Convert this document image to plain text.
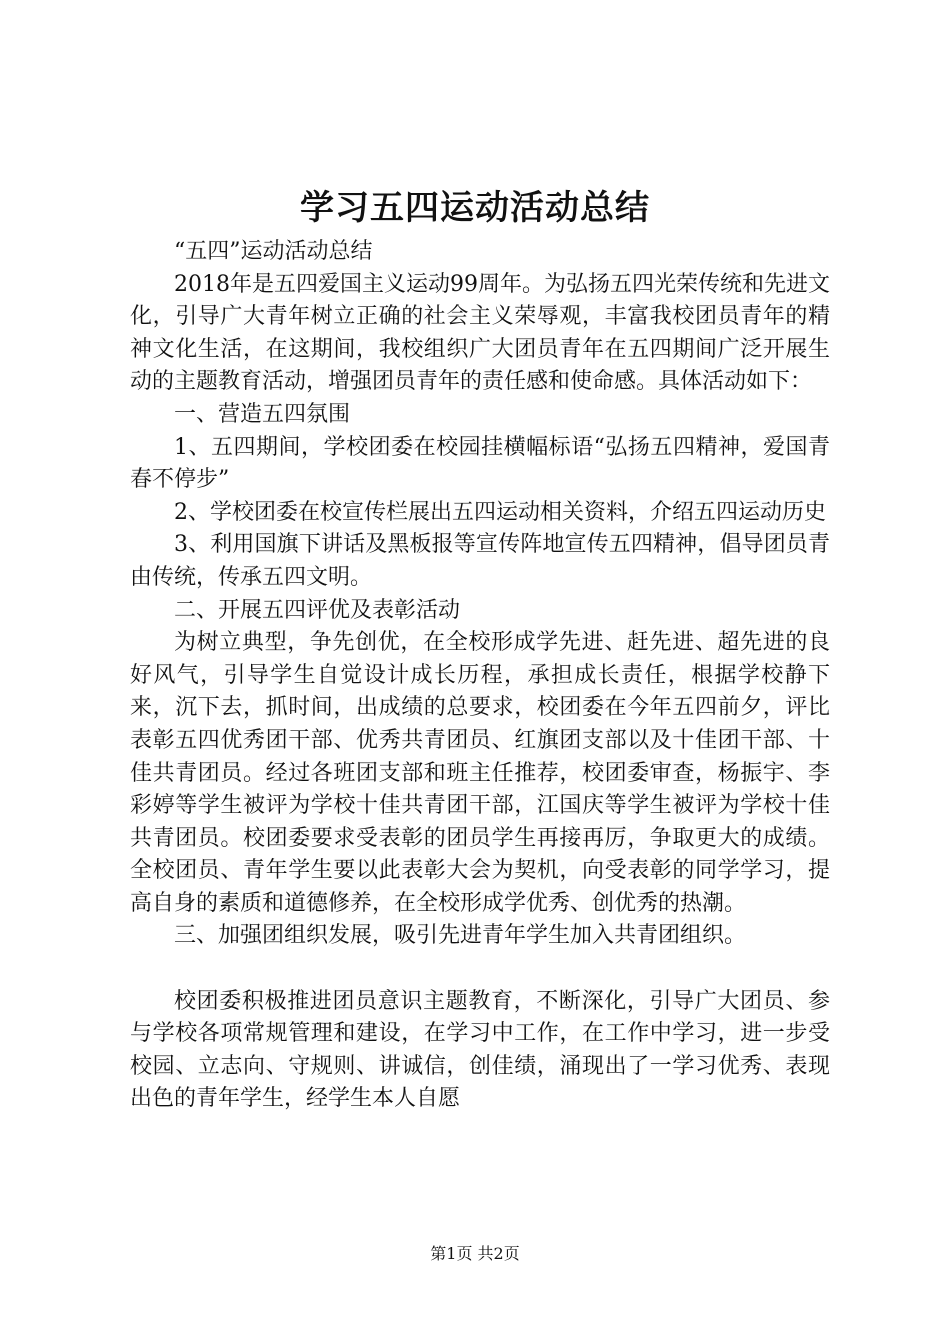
学习五四运动活动总结

“五四”运动活动总结

2018年是五四爱国主义运动99周年。为弘扬五四光荣传统和先进文化，引导广大青年树立正确的社会主义荣辱观，丰富我校团员青年的精神文化生活，在这期间，我校组织广大团员青年在五四期间广泛开展生动的主题教育活动，增强团员青年的责任感和使命感。具体活动如下：

一、营造五四氛围

1、五四期间，学校团委在校园挂横幅标语“弘扬五四精神，爱国青春不停步”

2、学校团委在校宣传栏展出五四运动相关资料，介绍五四运动历史

3、利用国旗下讲话及黑板报等宣传阵地宣传五四精神，倡导团员青由传统，传承五四文明。

二、开展五四评优及表彰活动

为树立典型，争先创优，在全校形成学先进、赶先进、超先进的良好风气，引导学生自觉设计成长历程，承担成长责任，根据学校静下来，沉下去，抓时间，出成绩的总要求，校团委在今年五四前夕，评比表彰五四优秀团干部、优秀共青团员、红旗团支部以及十佳团干部、十佳共青团员。经过各班团支部和班主任推荐，校团委审查，杨振宇、李彩婷等学生被评为学校十佳共青团干部，江国庆等学生被评为学校十佳共青团员。校团委要求受表彰的团员学生再接再厉，争取更大的成绩。全校团员、青年学生要以此表彰大会为契机，向受表彰的同学学习，提高自身的素质和道德修养，在全校形成学优秀、创优秀的热潮。

三、加强团组织发展，吸引先进青年学生加入共青团组织。

校团委积极推进团员意识主题教育，不断深化，引导广大团员、参与学校各项常规管理和建设，在学习中工作，在工作中学习，进一步受校园、立志向、守规则、讲诚信，创佳绩，涌现出了一学习优秀、表现出色的青年学生，经学生本人自愿

第1页 共2页
